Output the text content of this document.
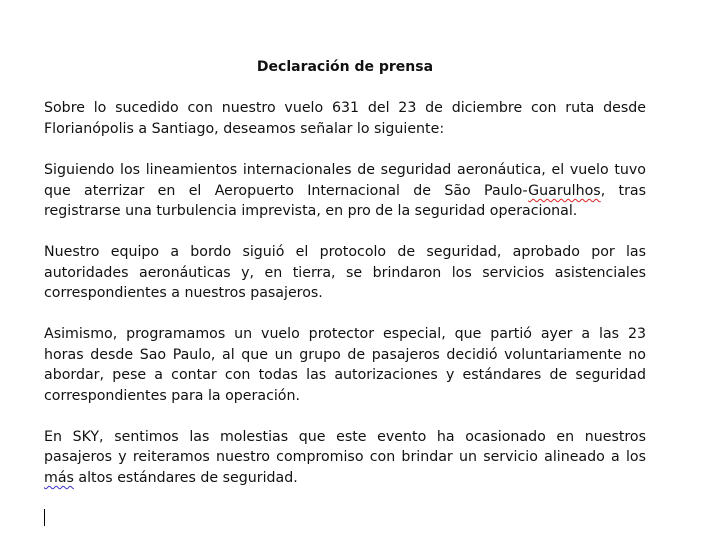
Declaración de prensa
Sobre lo sucedido con nuestro vuelo 631 del 23 de diciembre con ruta desde
Florianópolis a Santiago, deseamos señalar lo siguiente:
Siguiendo los lineamientos internacionales de seguridad aeronáutica, el vuelo tuvo
que aterrizar en el Aeropuerto Internacional de São Paulo-Guarulhos, tras
registrarse una turbulencia imprevista, en pro de la seguridad operacional.
Nuestro equipo a bordo siguió el protocolo de seguridad, aprobado por las
autoridades aeronáuticas y, en tierra, se brindaron los servicios asistenciales
correspondientes a nuestros pasajeros.
Asimismo, programamos un vuelo protector especial, que partió ayer a las 23
horas desde Sao Paulo, al que un grupo de pasajeros decidió voluntariamente no
abordar, pese a contar con todas las autorizaciones y estándares de seguridad
correspondientes para la operación.
En SKY, sentimos las molestias que este evento ha ocasionado en nuestros
pasajeros y reiteramos nuestro compromiso con brindar un servicio alineado a los
más altos estándares de seguridad.
